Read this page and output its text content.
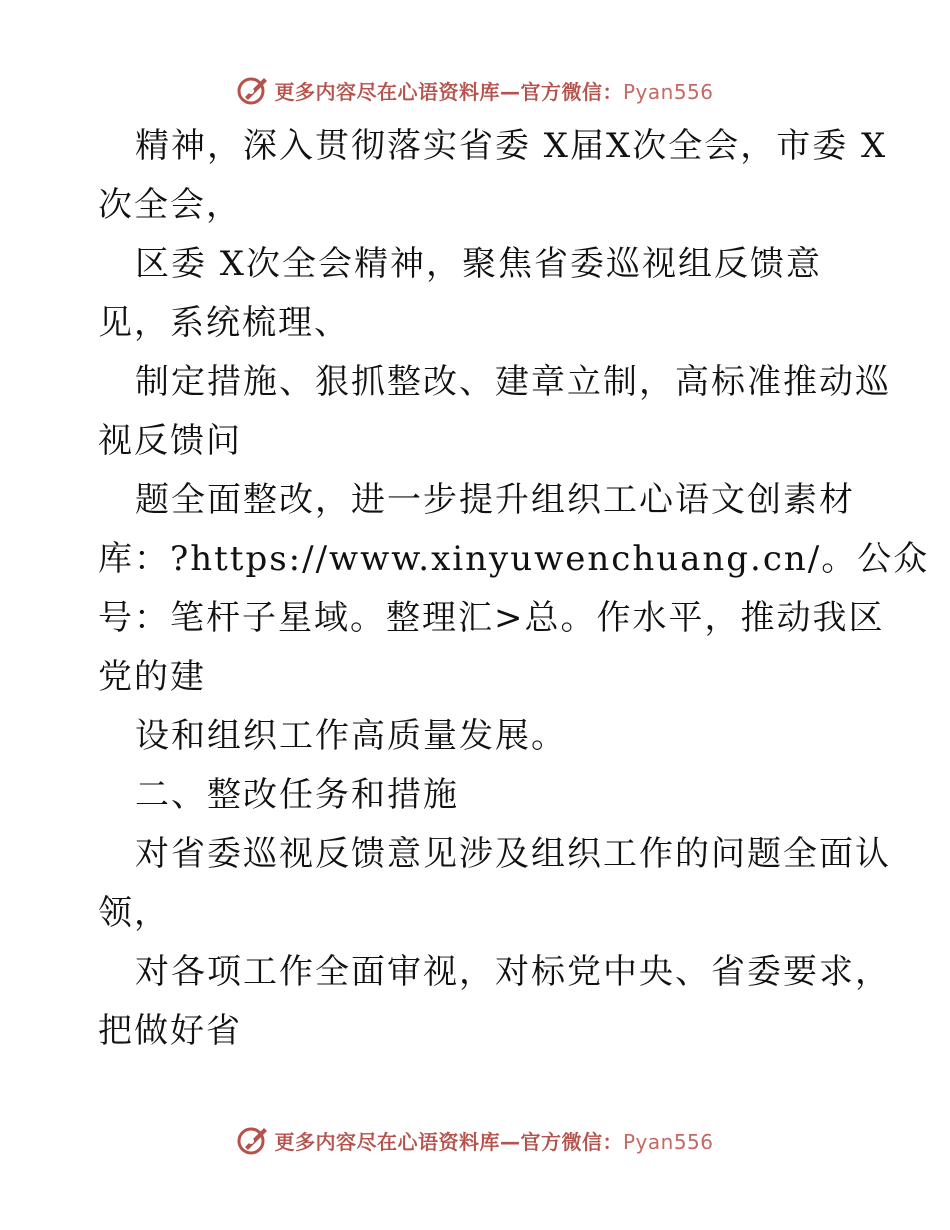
更多内容尽在心语资料库—官方微信：Pyan556
精神，深入贯彻落实省委 X届X次全会，市委 X
次全会，
区委 X次全会精神，聚焦省委巡视组反馈意
见，系统梳理、
制定措施、狠抓整改、建章立制，高标准推动巡
视反馈问
题全面整改，进一步提升组织工心语文创素材
库：?https://www.xinyuwenchuang.cn/。公众
号：笔杆子星域。整理汇>总。作水平，推动我区
党的建
设和组织工作高质量发展。
二、整改任务和措施
对省委巡视反馈意见涉及组织工作的问题全面认
领，
对各项工作全面审视，对标党中央、省委要求，
把做好省
更多内容尽在心语资料库—官方微信：Pyan556
